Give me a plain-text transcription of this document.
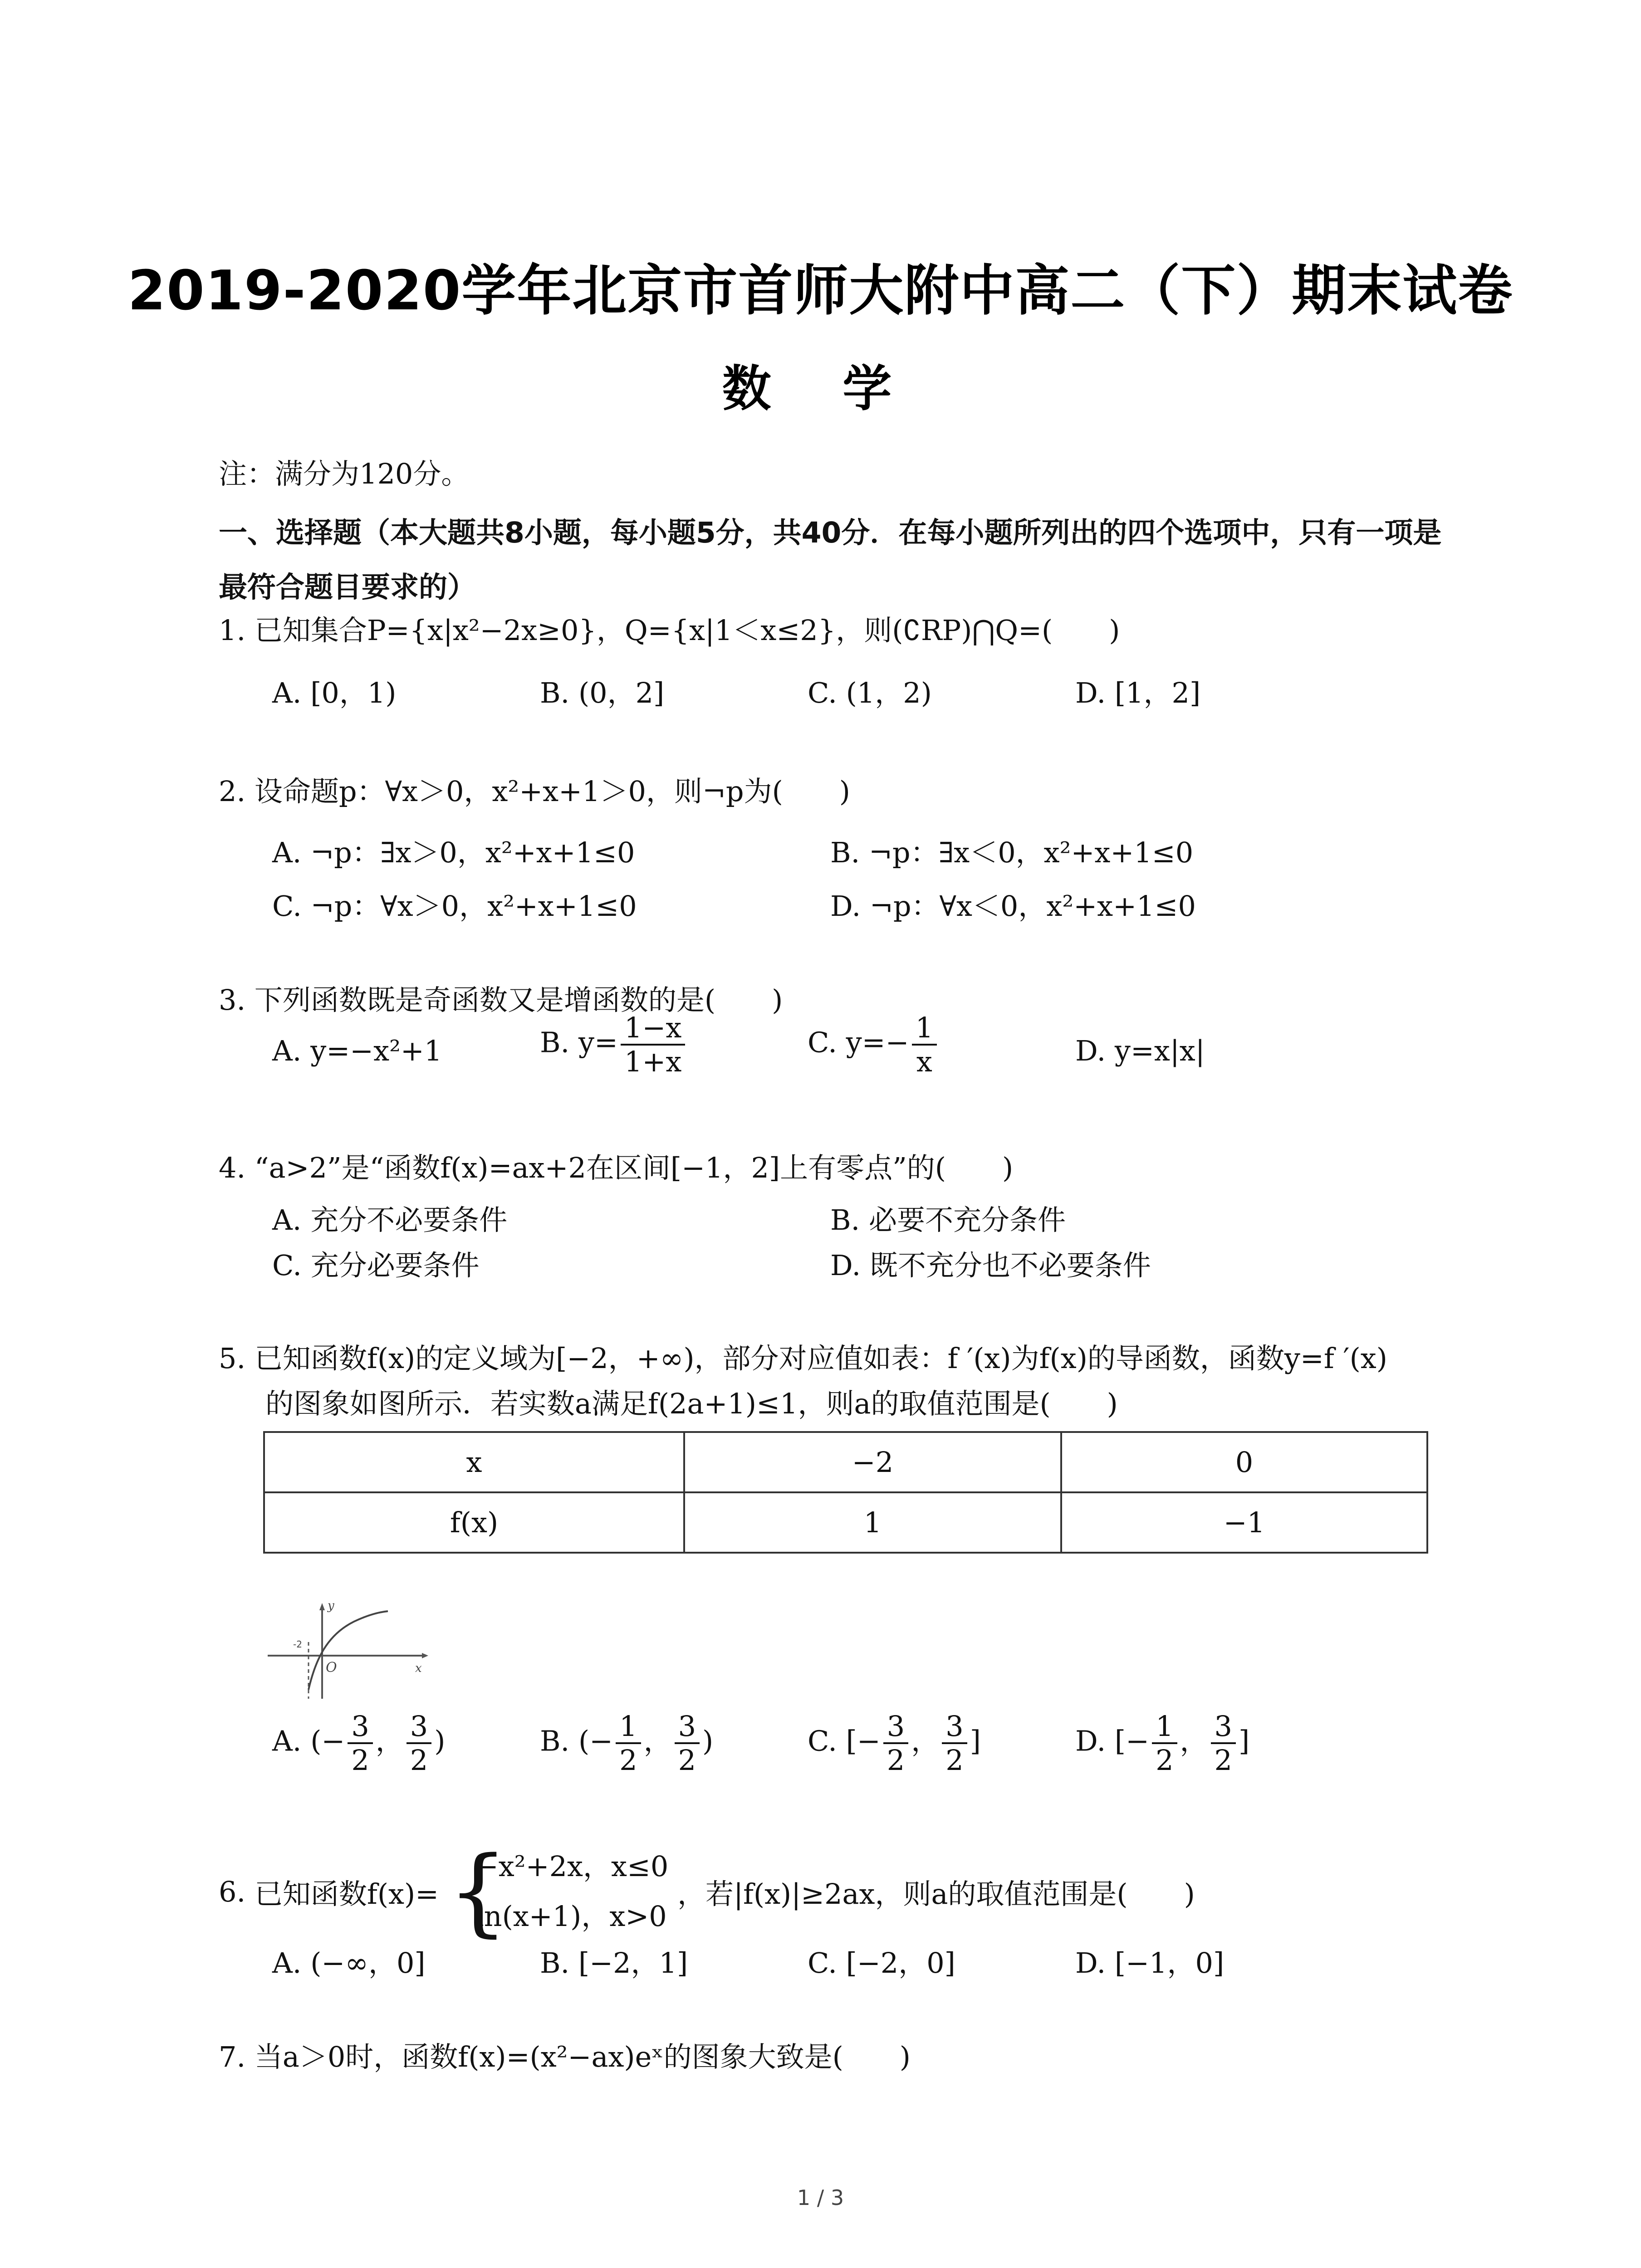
2019-2020学年北京市首师大附中高二（下）期末试卷
数 学
注：满分为120分。
一、选择题（本大题共8小题，每小题5分，共40分．在每小题所列出的四个选项中，只有一项是最符合题目要求的）
1. 已知集合P={x|x²−2x≥0}，Q={x|1＜x≤2}，则(∁RP)⋂Q=(　　)
A. [0，1)	B. (0，2]	C. (1，2)	D. [1，2]
2. 设命题p：∀x＞0，x²+x+1＞0，则¬p为(　　)
A. ¬p：∃x＞0，x²+x+1≤0	B. ¬p：∃x＜0，x²+x+1≤0
C. ¬p：∀x＞0，x²+x+1≤0	D. ¬p：∀x＜0，x²+x+1≤0
3. 下列函数既是奇函数又是增函数的是(　　)
A. y=−x²+1	B. $y= \frac{1-x}{1+x}$	C. $y=- \frac{1}{x}$	D. y=x|x|
4. “a>2”是“函数f(x)=ax+2在区间[−1，2]上有零点”的(　　)
A. 充分不必要条件	B. 必要不充分条件
C. 充分必要条件	D. 既不充分也不必要条件
5. 已知函数f(x)的定义域为[−2，+∞)，部分对应值如表：f ′(x)为f(x)的导函数，函数y=f ′(x)
的图象如图所示．若实数a满足f(2a+1)≤1，则a的取值范围是(　　)
x	−2	0
f(x)	1	−1
y
x
O
-2
A. (− $\frac{3}{2}$ ， $\frac{3}{2}$ )	B. (− $\frac{1}{2}$ ， $\frac{3}{2}$ )	C. [− $\frac{3}{2}$ ， $\frac{3}{2}$ ]	D. [− $\frac{1}{2}$ ， $\frac{3}{2}$ ]
6. 已知函数f(x)= {
−x²+2x，x≤0
ln(x+1)，x>0
，若|f(x)|≥2ax，则a的取值范围是(　　)
A. (−∞，0]	B. [−2，1]	C. [−2，0]	D. [−1，0]
7. 当a＞0时，函数f(x)=(x²−ax)eˣ的图象大致是(　　)
1 / 3
